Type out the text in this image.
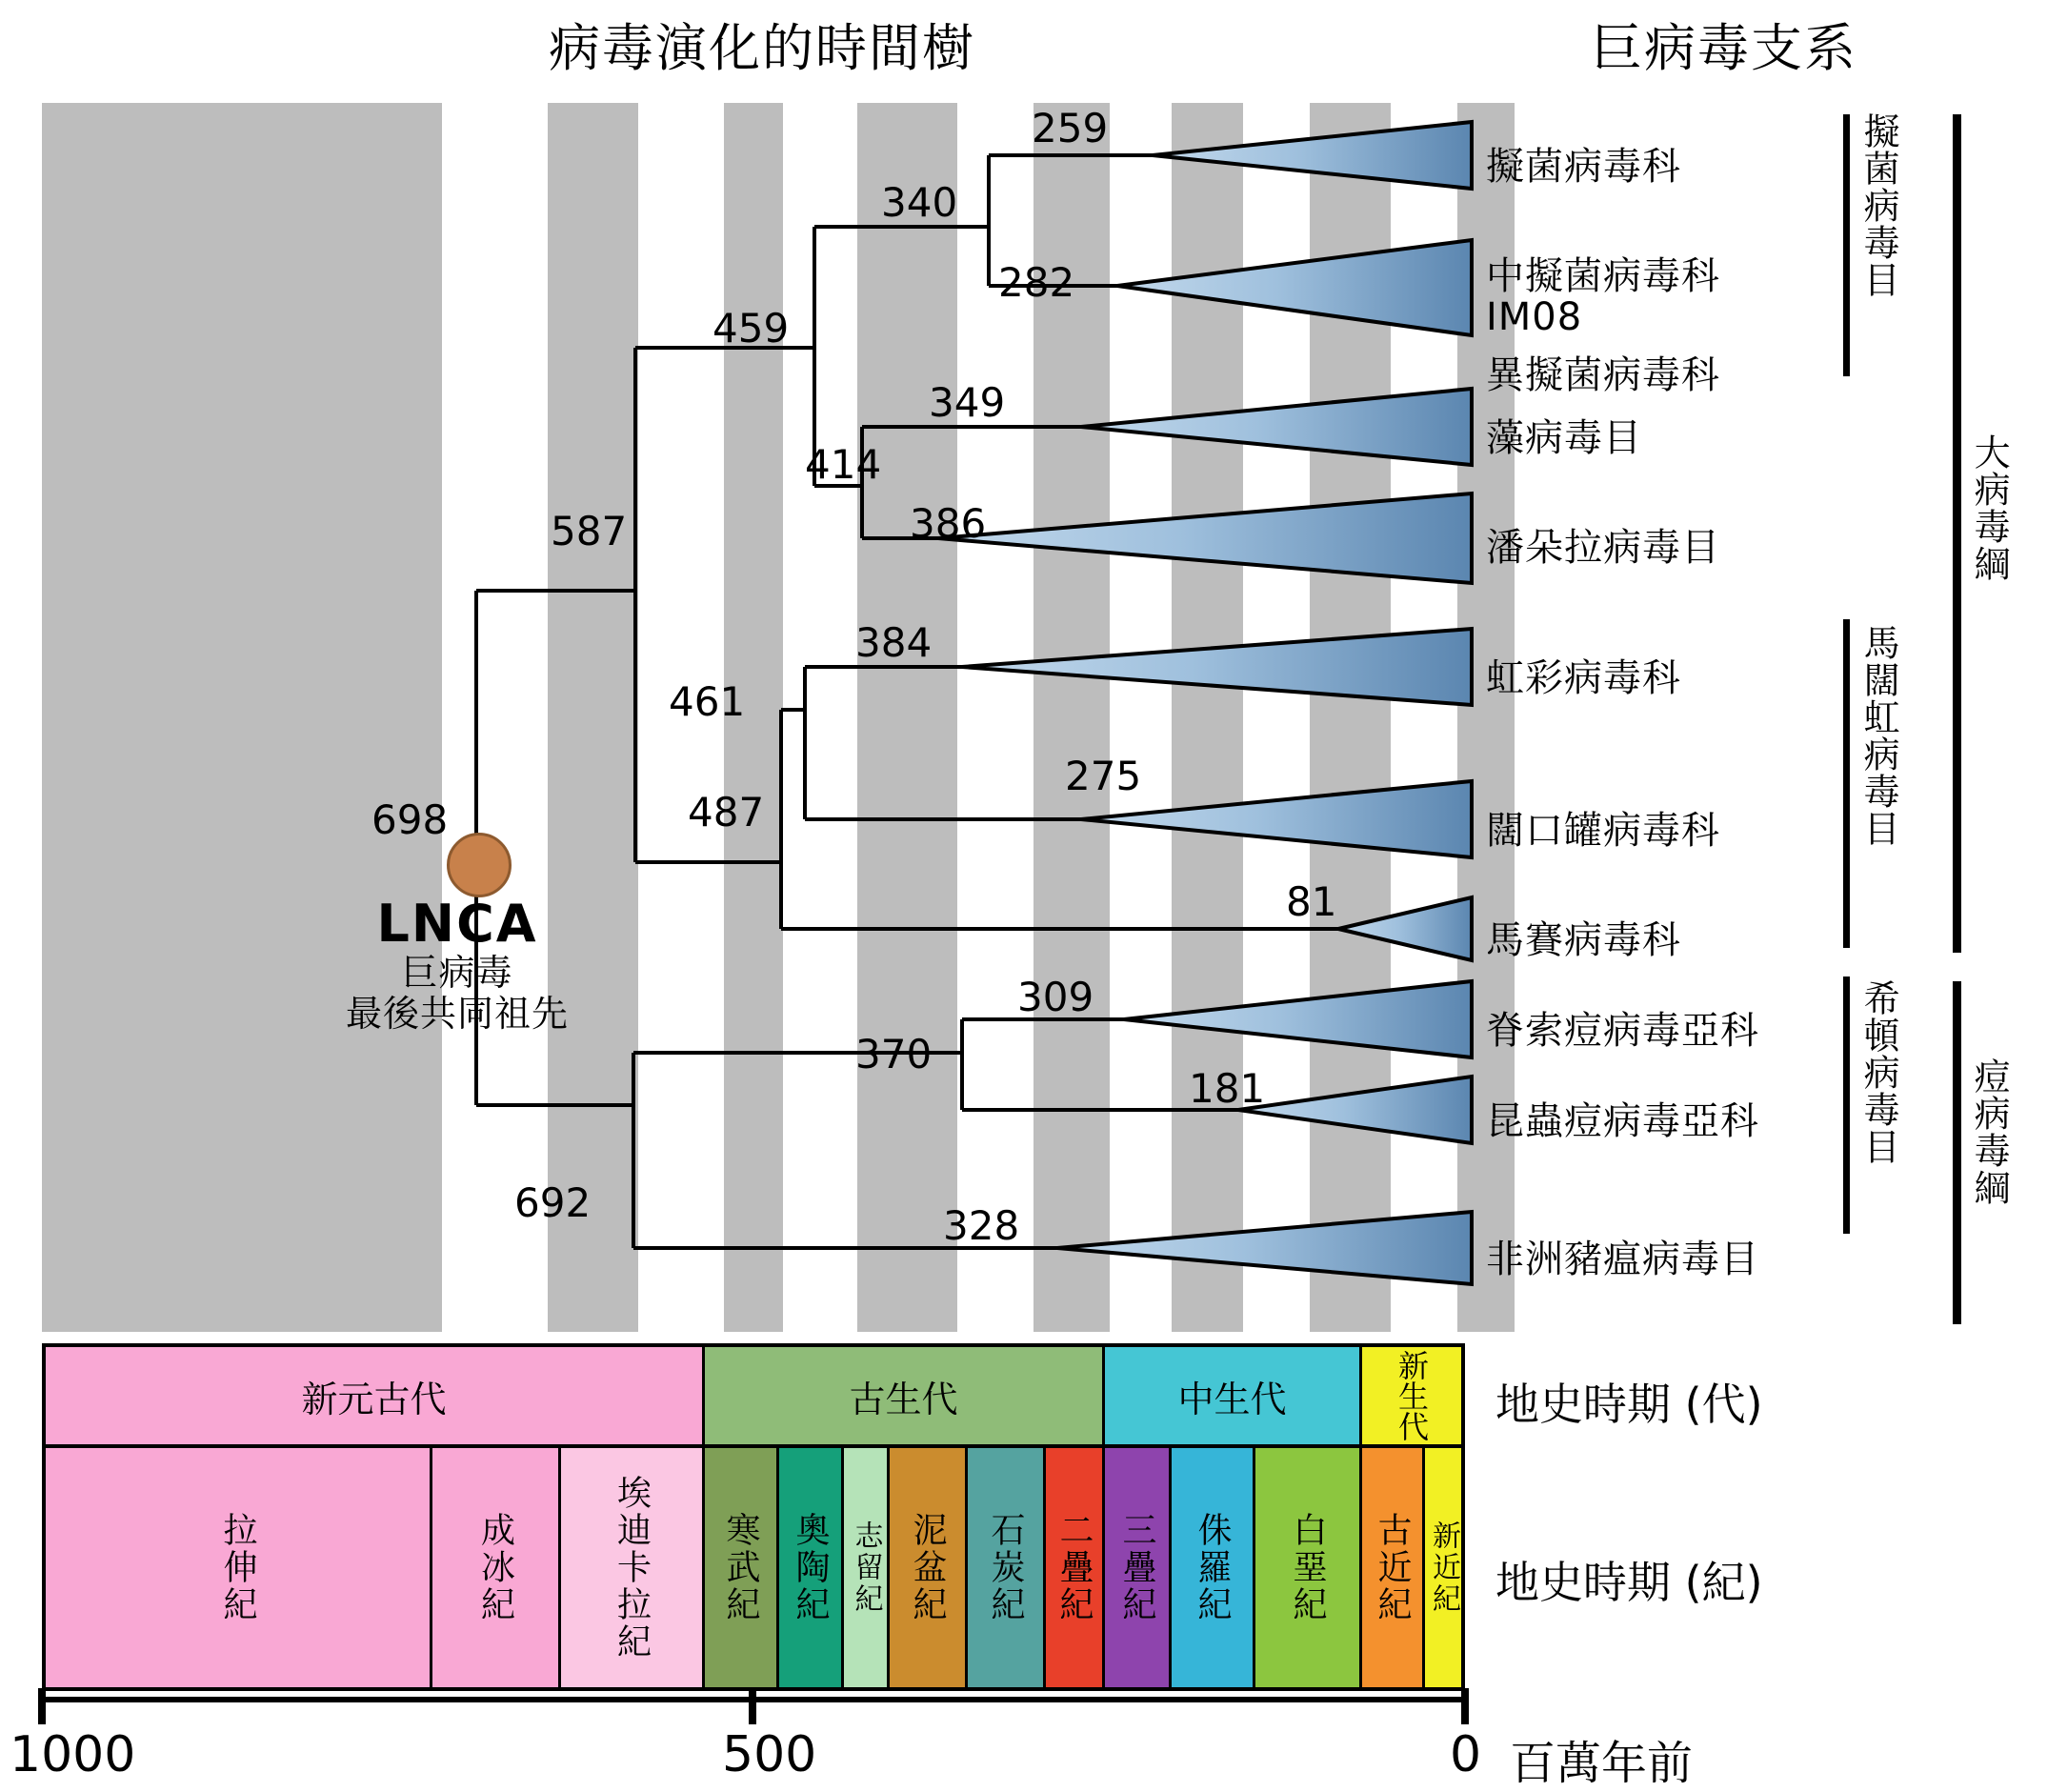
病毒演化的時間樹	巨病毒支系
698
LNCA
巨病毒
最後共同祖先
259
340
282
459
349
414
386
587
384
461
275
487
81
309
370
181
692	328
擬菌病毒科
中擬菌病毒科
IM08
異擬菌病毒科
藻病毒目
潘朵拉病毒目
虹彩病毒科
闊口罐病毒科
馬賽病毒科
脊索痘病毒亞科
昆蟲痘病毒亞科
非洲豬瘟病毒目
擬菌病毒目
大病毒綱
馬闊虹病毒目
希頓病毒目 痘病毒綱
新元古代	古生代	中生代	新生代 地史時期 (代)
拉伸紀	成冰紀	埃迪卡拉紀 寒武紀 奧陶紀 志留紀 泥盆紀 石炭紀 二疊紀 三疊紀 侏羅紀 白堊紀 古近紀 新近紀 地史時期 (紀)
1000	500	0 百萬年前
